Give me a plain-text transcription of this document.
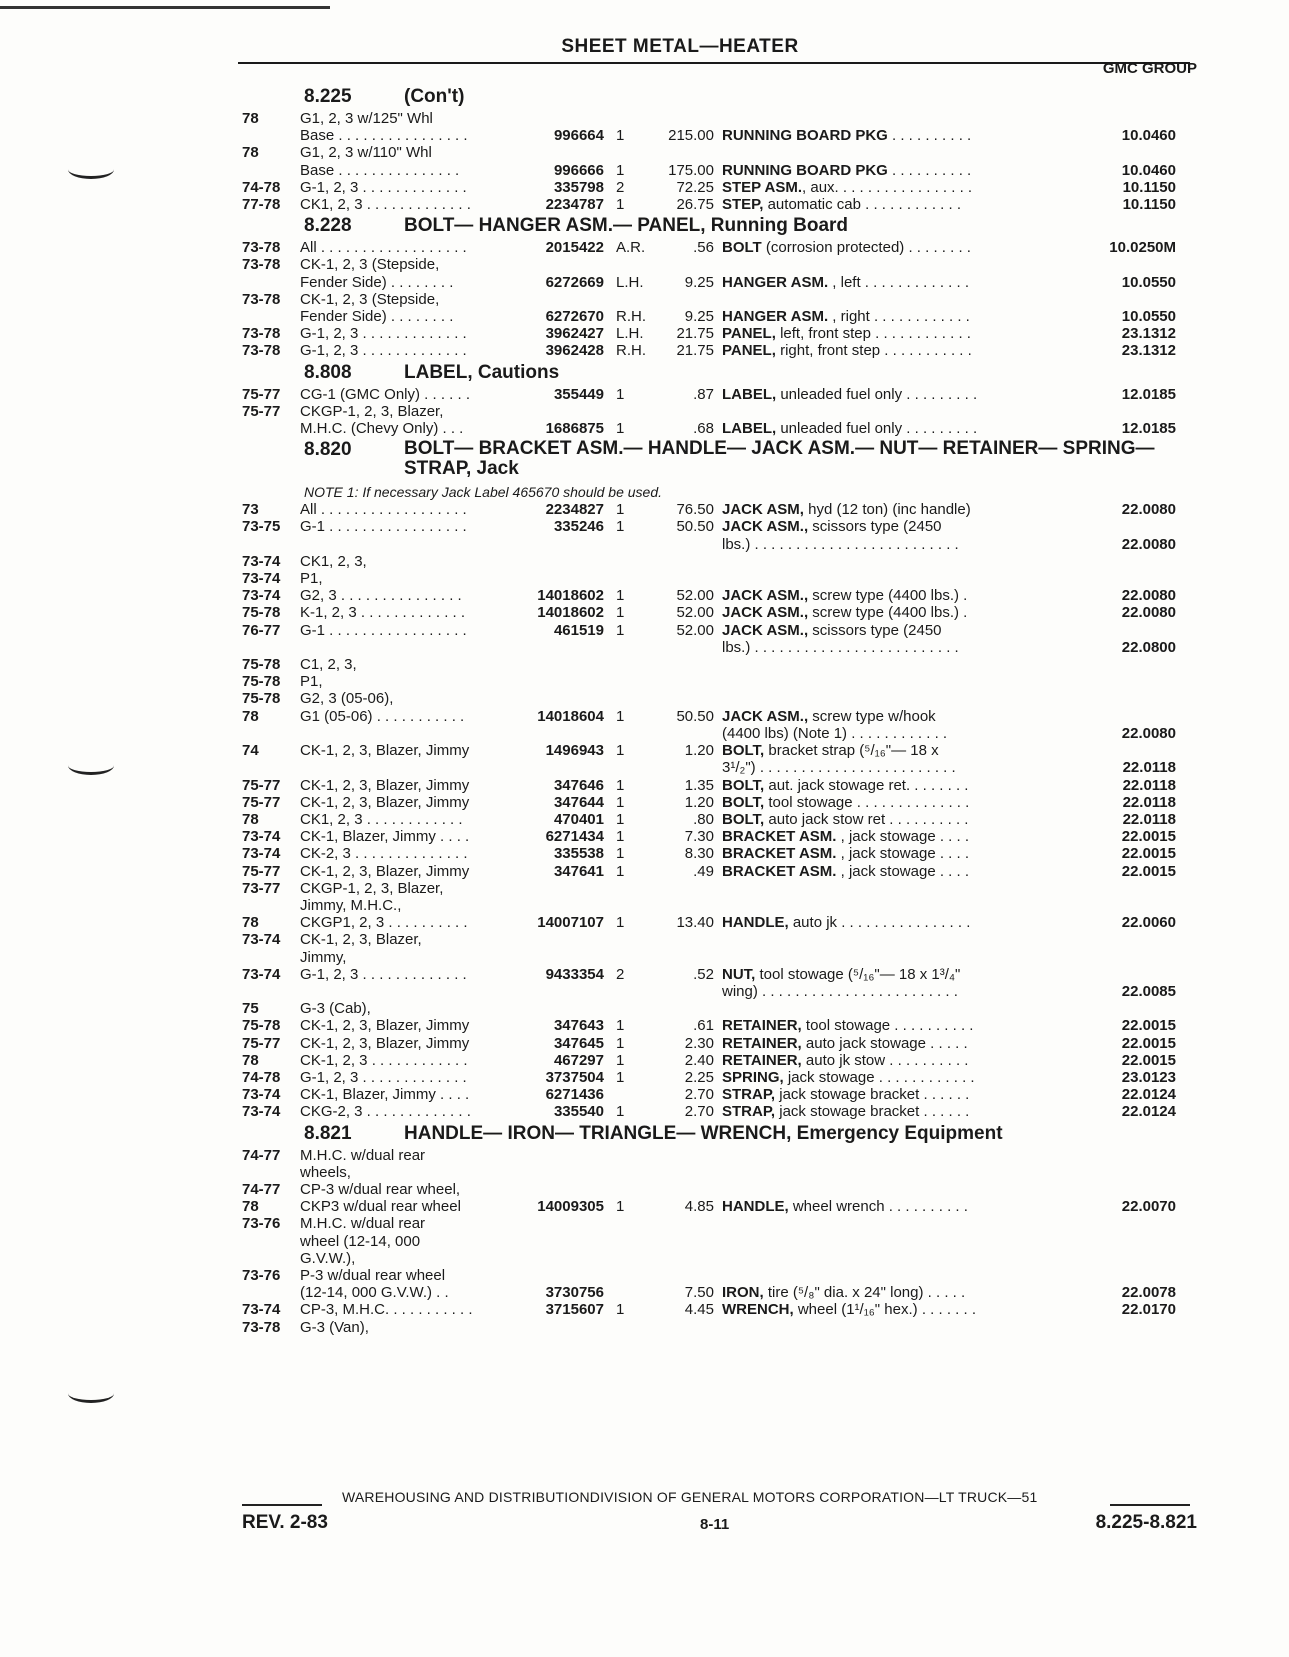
SHEET METAL—HEATER
GMC GROUP
8.225	(Con't)
78	G1, 2, 3 w/125" Whl
Base . . . . . . . . . . . . . . . .	996664 1	215.00 RUNNING BOARD PKG . . . . . . . . . .	10.0460
78	G1, 2, 3 w/110" Whl
Base . . . . . . . . . . . . . . .	996666 1	175.00 RUNNING BOARD PKG . . . . . . . . . .	10.0460
74-78	G-1, 2, 3 . . . . . . . . . . . . .	335798 2	72.25 STEP ASM., aux. . . . . . . . . . . . . . . . .	10.1150
77-78	CK1, 2, 3 . . . . . . . . . . . . .	2234787 1	26.75 STEP, automatic cab . . . . . . . . . . . .	10.1150
8.228	BOLT— HANGER ASM.— PANEL, Running Board
73-78	All . . . . . . . . . . . . . . . . . .	2015422 A.R.	.56 BOLT (corrosion protected) . . . . . . . .	10.0250M
73-78	CK-1, 2, 3 (Stepside,
Fender Side) . . . . . . . .	6272669 L.H.	9.25 HANGER ASM. , left . . . . . . . . . . . . .	10.0550
73-78	CK-1, 2, 3 (Stepside,
Fender Side) . . . . . . . .	6272670 R.H.	9.25 HANGER ASM. , right . . . . . . . . . . . .	10.0550
73-78	G-1, 2, 3 . . . . . . . . . . . . .	3962427 L.H.	21.75 PANEL, left, front step . . . . . . . . . . . .	23.1312
73-78	G-1, 2, 3 . . . . . . . . . . . . .	3962428 R.H.	21.75 PANEL, right, front step . . . . . . . . . . .	23.1312
8.808	LABEL, Cautions
75-77	CG-1 (GMC Only) . . . . . .	355449 1	.87 LABEL, unleaded fuel only . . . . . . . . .	12.0185
75-77	CKGP-1, 2, 3, Blazer,
M.H.C. (Chevy Only) . . .	1686875 1	.68 LABEL, unleaded fuel only . . . . . . . . .	12.0185
8.820	BOLT— BRACKET ASM.— HANDLE— JACK ASM.— NUT— RETAINER— SPRING— STRAP, Jack
NOTE 1: If necessary Jack Label 465670 should be used.
73	All . . . . . . . . . . . . . . . . . .	2234827 1	76.50 JACK ASM, hyd (12 ton) (inc handle)	22.0080
73-75	G-1 . . . . . . . . . . . . . . . . .	335246 1	50.50 JACK ASM., scissors type (2450
lbs.) . . . . . . . . . . . . . . . . . . . . . . . . .	22.0080
73-74	CK1, 2, 3,
73-74	P1,
73-74	G2, 3 . . . . . . . . . . . . . . .	14018602 1	52.00 JACK ASM., screw type (4400 lbs.) .	22.0080
75-78	K-1, 2, 3 . . . . . . . . . . . . .	14018602 1	52.00 JACK ASM., screw type (4400 lbs.) .	22.0080
76-77	G-1 . . . . . . . . . . . . . . . . .	461519 1	52.00 JACK ASM., scissors type (2450
lbs.) . . . . . . . . . . . . . . . . . . . . . . . . .	22.0800
75-78	C1, 2, 3,
75-78	P1,
75-78	G2, 3 (05-06),
78	G1 (05-06) . . . . . . . . . . .	14018604 1	50.50 JACK ASM., screw type w/hook
(4400 lbs) (Note 1) . . . . . . . . . . . .	22.0080
74	CK-1, 2, 3, Blazer, Jimmy	1496943 1	1.20 BOLT, bracket strap (⁵/₁₆"— 18 x
3¹/₂") . . . . . . . . . . . . . . . . . . . . . . . .	22.0118
75-77	CK-1, 2, 3, Blazer, Jimmy	347646 1	1.35 BOLT, aut. jack stowage ret. . . . . . . .	22.0118
75-77	CK-1, 2, 3, Blazer, Jimmy	347644 1	1.20 BOLT, tool stowage . . . . . . . . . . . . . .	22.0118
78	CK1, 2, 3 . . . . . . . . . . . .	470401 1	.80 BOLT, auto jack stow ret . . . . . . . . . .	22.0118
73-74	CK-1, Blazer, Jimmy . . . .	6271434 1	7.30 BRACKET ASM. , jack stowage . . . .	22.0015
73-74	CK-2, 3 . . . . . . . . . . . . . .	335538 1	8.30 BRACKET ASM. , jack stowage . . . .	22.0015
75-77	CK-1, 2, 3, Blazer, Jimmy	347641 1	.49 BRACKET ASM. , jack stowage . . . .	22.0015
73-77	CKGP-1, 2, 3, Blazer,
Jimmy, M.H.C.,
78	CKGP1, 2, 3 . . . . . . . . . .	14007107 1	13.40 HANDLE, auto jk . . . . . . . . . . . . . . . .	22.0060
73-74	CK-1, 2, 3, Blazer,
Jimmy,
73-74	G-1, 2, 3 . . . . . . . . . . . . .	9433354 2	.52 NUT, tool stowage (⁵/₁₆"— 18 x 1³/₄"
wing) . . . . . . . . . . . . . . . . . . . . . . . .	22.0085
75	G-3 (Cab),
75-78	CK-1, 2, 3, Blazer, Jimmy	347643 1	.61 RETAINER, tool stowage . . . . . . . . . .	22.0015
75-77	CK-1, 2, 3, Blazer, Jimmy	347645 1	2.30 RETAINER, auto jack stowage . . . . .	22.0015
78	CK-1, 2, 3 . . . . . . . . . . . .	467297 1	2.40 RETAINER, auto jk stow . . . . . . . . . .	22.0015
74-78	G-1, 2, 3 . . . . . . . . . . . . .	3737504 1	2.25 SPRING, jack stowage . . . . . . . . . . . .	23.0123
73-74	CK-1, Blazer, Jimmy . . . .	6271436	2.70 STRAP, jack stowage bracket . . . . . .	22.0124
73-74	CKG-2, 3 . . . . . . . . . . . . .	335540 1	2.70 STRAP, jack stowage bracket . . . . . .	22.0124
8.821	HANDLE— IRON— TRIANGLE— WRENCH, Emergency Equipment
74-77	M.H.C. w/dual rear
wheels,
74-77	CP-3 w/dual rear wheel,
78	CKP3 w/dual rear wheel	14009305 1	4.85 HANDLE, wheel wrench . . . . . . . . . .	22.0070
73-76	M.H.C. w/dual rear
wheel (12-14, 000
G.V.W.),
73-76	P-3 w/dual rear wheel
(12-14, 000 G.V.W.) . .	3730756	7.50 IRON, tire (⁵/₈" dia. x 24" long) . . . . .	22.0078
73-74	CP-3, M.H.C. . . . . . . . . . .	3715607 1	4.45 WRENCH, wheel (1¹/₁₆" hex.) . . . . . . .	22.0170
73-78	G-3 (Van),
WAREHOUSING AND DISTRIBUTIONDIVISION OF GENERAL MOTORS CORPORATION—LT TRUCK—51
REV. 2-83	8-11	8.225-8.821
